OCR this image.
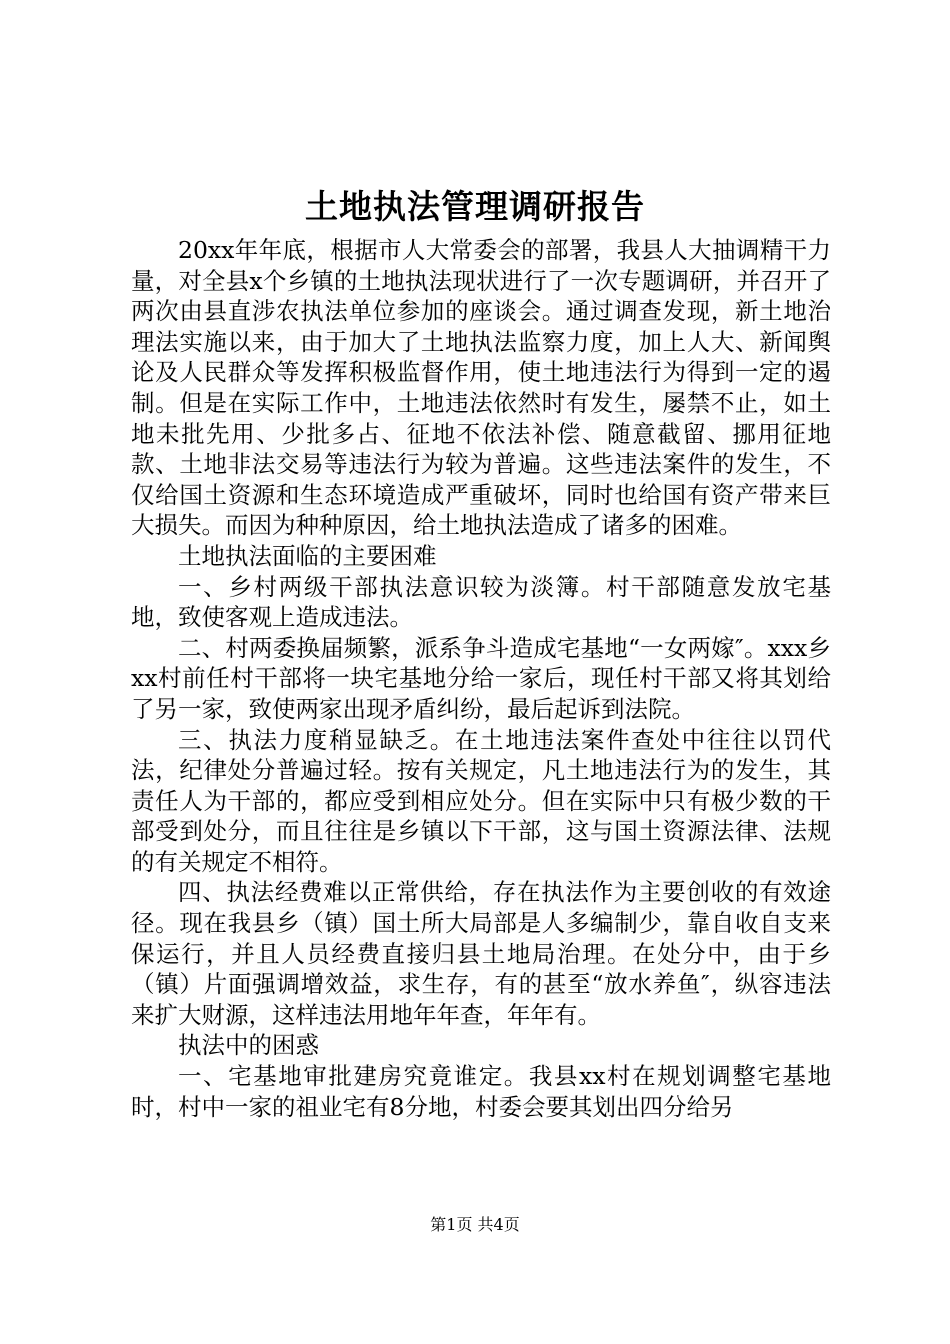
土地执法管理调研报告

20xx年年底，根据市人大常委会的部署，我县人大抽调精干力量，对全县x个乡镇的土地执法现状进行了一次专题调研，并召开了两次由县直涉农执法单位参加的座谈会。通过调查发现，新土地治理法实施以来，由于加大了土地执法监察力度，加上人大、新闻舆论及人民群众等发挥积极监督作用，使土地违法行为得到一定的遏制。但是在实际工作中，土地违法依然时有发生，屡禁不止，如土地未批先用、少批多占、征地不依法补偿、随意截留、挪用征地款、土地非法交易等违法行为较为普遍。这些违法案件的发生，不仅给国土资源和生态环境造成严重破坏，同时也给国有资产带来巨大损失。而因为种种原因，给土地执法造成了诸多的困难。

土地执法面临的主要困难

一、乡村两级干部执法意识较为淡簿。村干部随意发放宅基地，致使客观上造成违法。

二、村两委换届频繁，派系争斗造成宅基地“一女两嫁″。xxx乡xx村前任村干部将一块宅基地分给一家后，现任村干部又将其划给了另一家，致使两家出现矛盾纠纷，最后起诉到法院。

三、执法力度稍显缺乏。在土地违法案件查处中往往以罚代法，纪律处分普遍过轻。按有关规定，凡土地违法行为的发生，其责任人为干部的，都应受到相应处分。但在实际中只有极少数的干部受到处分，而且往往是乡镇以下干部，这与国土资源法律、法规的有关规定不相符。

四、执法经费难以正常供给，存在执法作为主要创收的有效途径。现在我县乡（镇）国土所大局部是人多编制少，靠自收自支来保运行，并且人员经费直接归县土地局治理。在处分中，由于乡（镇）片面强调增效益，求生存，有的甚至“放水养鱼″，纵容违法来扩大财源，这样违法用地年年查，年年有。

执法中的困惑

一、宅基地审批建房究竟谁定。我县xx村在规划调整宅基地时，村中一家的祖业宅有8分地，村委会要其划出四分给另

第1页 共4页
